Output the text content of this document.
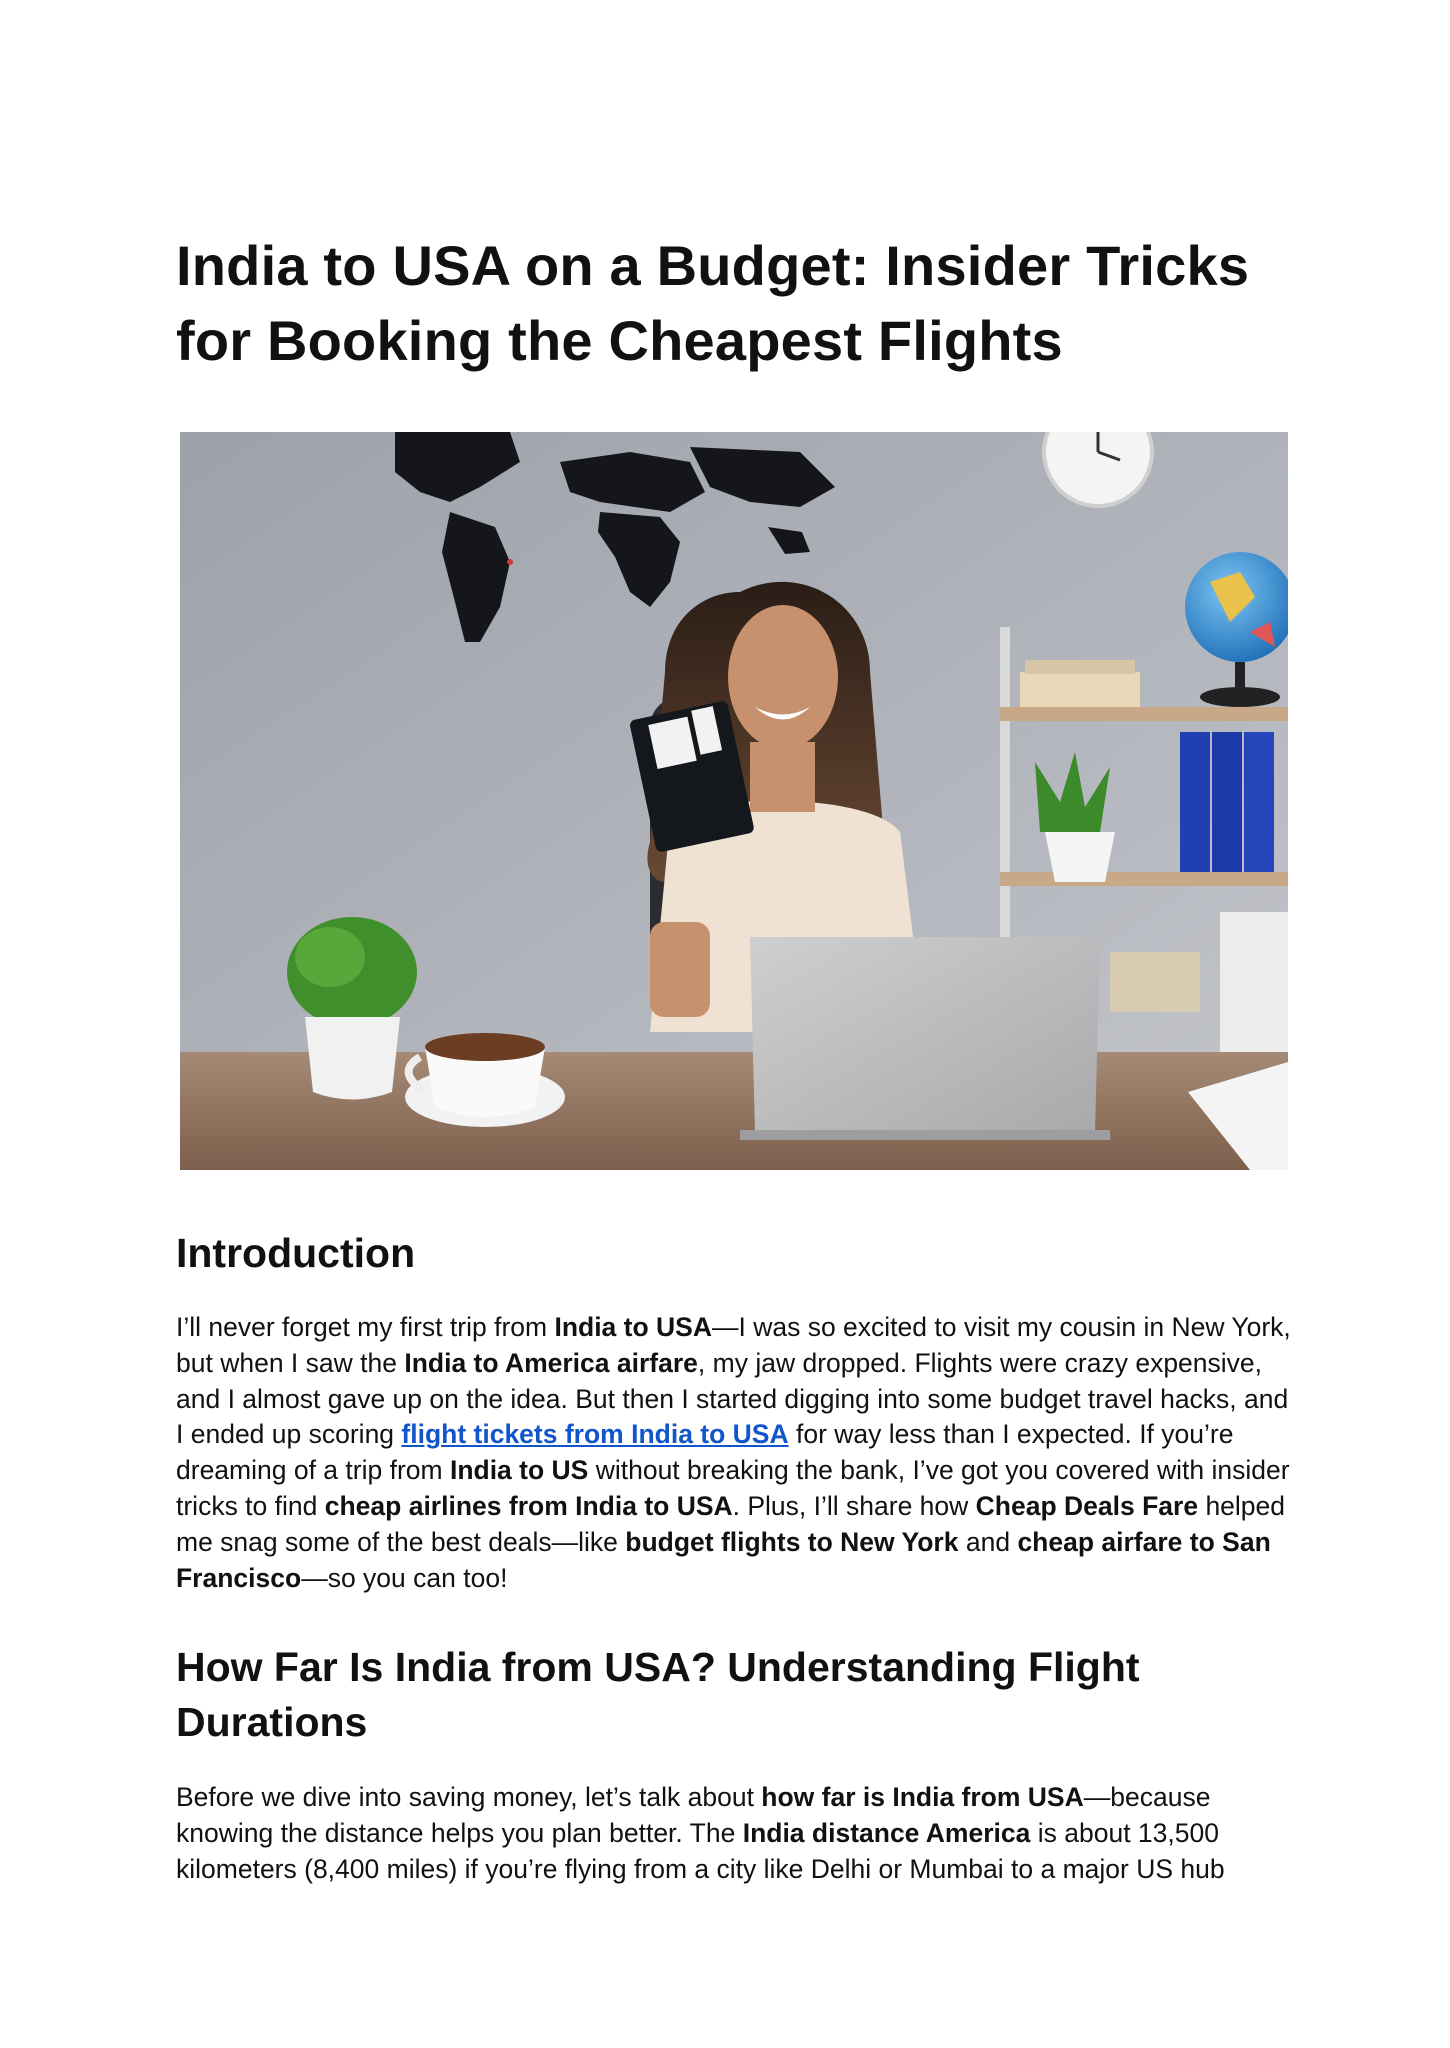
India to USA on a Budget: Insider Tricks for Booking the Cheapest Flights
Introduction

I’ll never forget my first trip from India to USA—I was so excited to visit my cousin in New York, but when I saw the India to America airfare, my jaw dropped. Flights were crazy expensive, and I almost gave up on the idea. But then I started digging into some budget travel hacks, and I ended up scoring flight tickets from India to USA for way less than I expected. If you’re dreaming of a trip from India to US without breaking the bank, I’ve got you covered with insider tricks to find cheap airlines from India to USA. Plus, I’ll share how Cheap Deals Fare helped me snag some of the best deals—like budget flights to New York and cheap airfare to San Francisco—so you can too!

How Far Is India from USA? Understanding Flight Durations

Before we dive into saving money, let’s talk about how far is India from USA—because knowing the distance helps you plan better. The India distance America is about 13,500 kilometers (8,400 miles) if you’re flying from a city like Delhi or Mumbai to a major US hub
